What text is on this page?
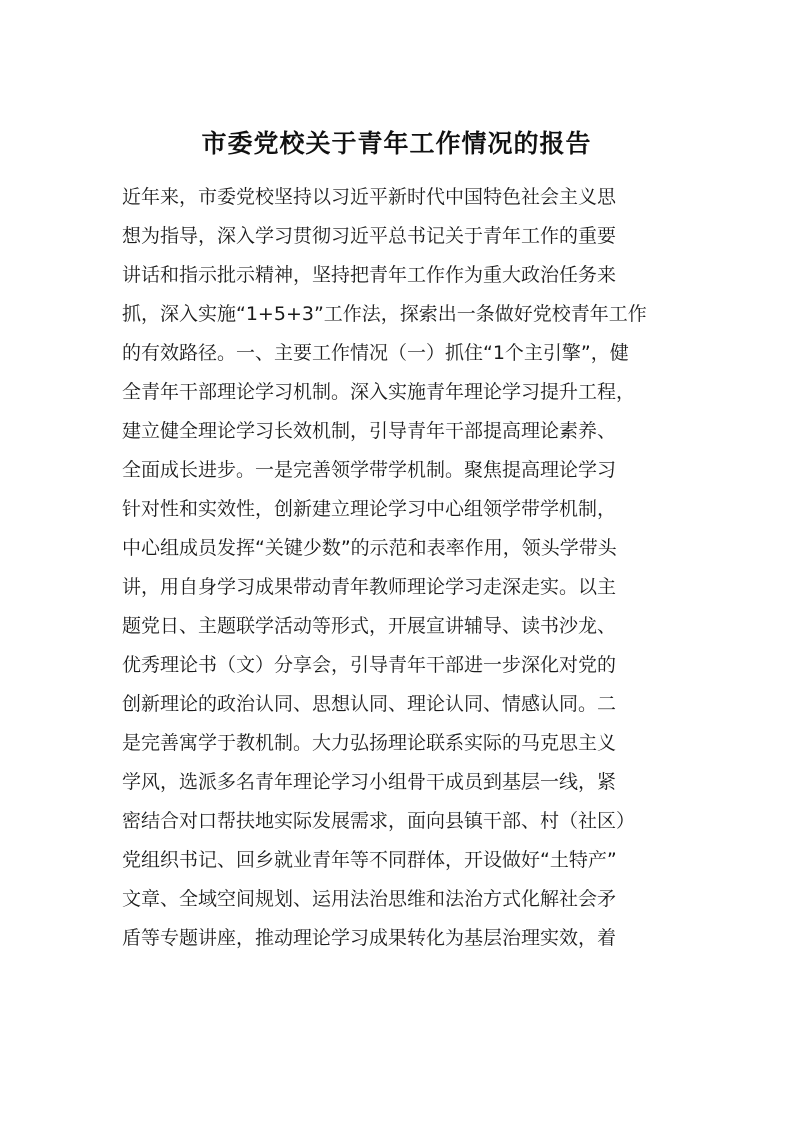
市委党校关于青年工作情况的报告
近年来，市委党校坚持以习近平新时代中国特色社会主义思
想为指导，深入学习贯彻习近平总书记关于青年工作的重要
讲话和指示批示精神，坚持把青年工作作为重大政治任务来
抓，深入实施“1+5+3”工作法，探索出一条做好党校青年工作
的有效路径。一、主要工作情况（一）抓住“1个主引擎”，健
全青年干部理论学习机制。深入实施青年理论学习提升工程，
建立健全理论学习长效机制，引导青年干部提高理论素养、
全面成长进步。一是完善领学带学机制。聚焦提高理论学习
针对性和实效性，创新建立理论学习中心组领学带学机制，
中心组成员发挥“关键少数”的示范和表率作用，领头学带头
讲，用自身学习成果带动青年教师理论学习走深走实。以主
题党日、主题联学活动等形式，开展宣讲辅导、读书沙龙、
优秀理论书（文）分享会，引导青年干部进一步深化对党的
创新理论的政治认同、思想认同、理论认同、情感认同。二
是完善寓学于教机制。大力弘扬理论联系实际的马克思主义
学风，选派多名青年理论学习小组骨干成员到基层一线，紧
密结合对口帮扶地实际发展需求，面向县镇干部、村（社区）
党组织书记、回乡就业青年等不同群体，开设做好“土特产”
文章、全域空间规划、运用法治思维和法治方式化解社会矛
盾等专题讲座，推动理论学习成果转化为基层治理实效，着
